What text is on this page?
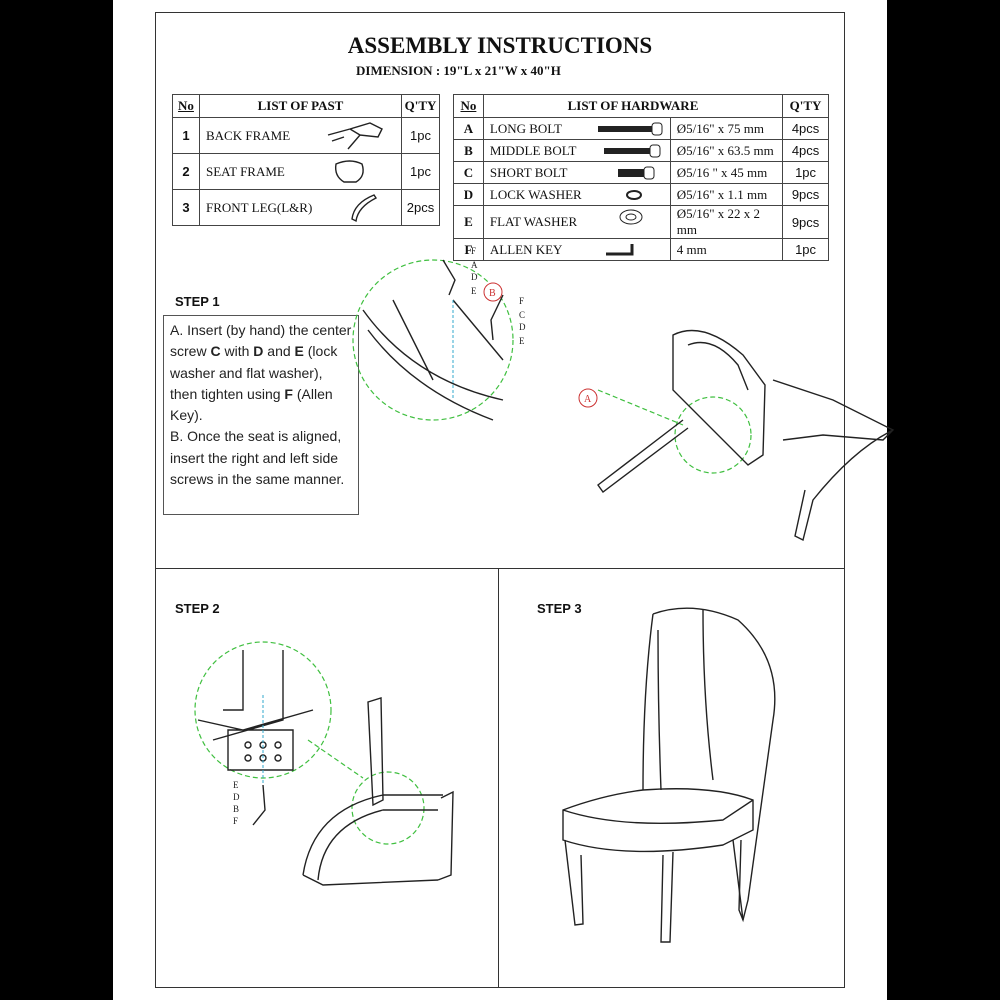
ASSEMBLY INSTRUCTIONS
DIMENSION : 19"L x 21"W x 40"H
No	LIST OF PAST	Q'TY
1	BACK FRAME	1pc
2	SEAT FRAME	1pc
3	FRONT LEG(L&R)	2pcs
No	LIST OF HARDWARE		Q'TY
A	LONG BOLT	Ø5/16" x 75 mm	4pcs
B	MIDDLE BOLT	Ø5/16" x 63.5 mm	4pcs
C	SHORT BOLT	Ø5/16 " x 45 mm	1pc
D	LOCK WASHER	Ø5/16" x 1.1 mm	9pcs
E	FLAT WASHER	Ø5/16" x 22 x 2 mm	9pcs
F	ALLEN KEY	4 mm	1pc
STEP 1
A. Insert (by hand) the center screw C with D and E (lock washer and flat washer), then tighten using F (Allen Key).
B. Once the seat is aligned, insert the right and left side screws in the same manner.
F
A
D
E
F
C
D
E
B
A
STEP 2
E
D
B
F
STEP 3
